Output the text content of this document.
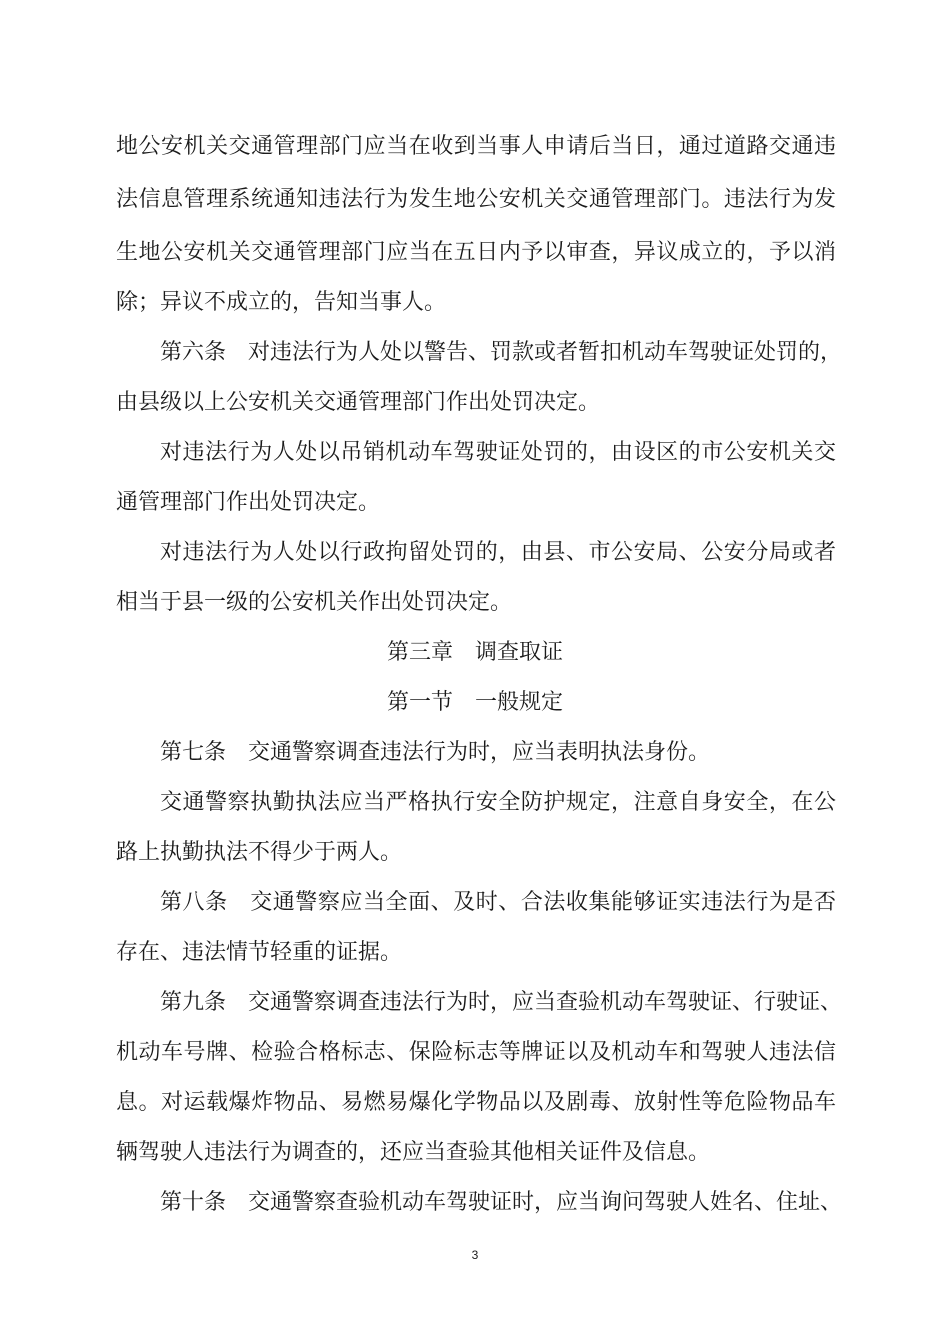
地公安机关交通管理部门应当在收到当事人申请后当日，通过道路交通违
法信息管理系统通知违法行为发生地公安机关交通管理部门。违法行为发
生地公安机关交通管理部门应当在五日内予以审查，异议成立的，予以消
除；异议不成立的，告知当事人。
第六条　对违法行为人处以警告、罚款或者暂扣机动车驾驶证处罚的，
由县级以上公安机关交通管理部门作出处罚决定。
对违法行为人处以吊销机动车驾驶证处罚的，由设区的市公安机关交
通管理部门作出处罚决定。
对违法行为人处以行政拘留处罚的，由县、市公安局、公安分局或者
相当于县一级的公安机关作出处罚决定。
第三章　调查取证
第一节　一般规定
第七条　交通警察调查违法行为时，应当表明执法身份。
交通警察执勤执法应当严格执行安全防护规定，注意自身安全，在公
路上执勤执法不得少于两人。
第八条　交通警察应当全面、及时、合法收集能够证实违法行为是否
存在、违法情节轻重的证据。
第九条　交通警察调查违法行为时，应当查验机动车驾驶证、行驶证、
机动车号牌、检验合格标志、保险标志等牌证以及机动车和驾驶人违法信
息。对运载爆炸物品、易燃易爆化学物品以及剧毒、放射性等危险物品车
辆驾驶人违法行为调查的，还应当查验其他相关证件及信息。
第十条　交通警察查验机动车驾驶证时，应当询问驾驶人姓名、住址、
3
